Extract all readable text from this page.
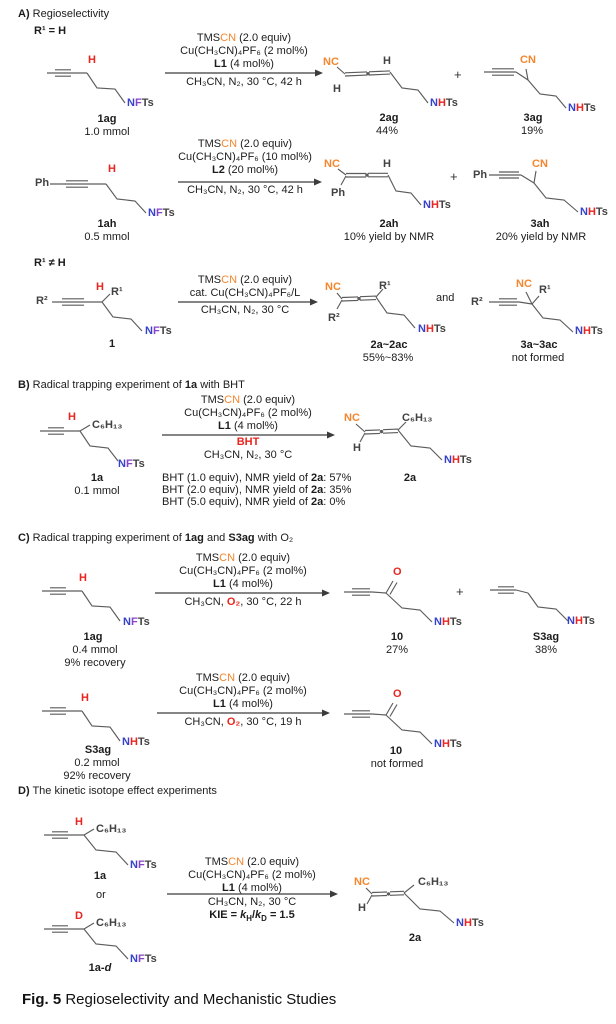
A) Regioselectivity
R¹ = H
H
NFTs
1ag
1.0 mmol
TMSCN (2.0 equiv)
Cu(CH₃CN)₄PF₆ (2 mol%)
L1 (4 mol%)
CH₃CN, N₂, 30 °C, 42 h
NC	H
H
NHTs
2ag
44%
+
CN
NHTs
3ag
19%
Ph
H
NFTs
1ah
0.5 mmol
TMSCN (2.0 equiv)
Cu(CH₃CN)₄PF₆ (10 mol%)
L2 (20 mol%)
CH₃CN, N₂, 30 °C, 42 h
NC	H
Ph
NHTs
2ah
10% yield by NMR
+ Ph
CN
NHTs
3ah
20% yield by NMR
R¹ ≠ H
R²
H R¹
NFTs
1
TMSCN (2.0 equiv)
cat. Cu(CH₃CN)₄PF₆/L
CH₃CN, N₂, 30 °C
NC	R¹
R²
NHTs
2a~2ac
55%~83%
and R²
NC R¹
NHTs
3a~3ac
not formed
B) Radical trapping experiment of 1a with BHT
H
C₆H₁₃
NFTs
1a
0.1 mmol
TMSCN (2.0 equiv)
Cu(CH₃CN)₄PF₆ (2 mol%)
L1 (4 mol%)
BHT
CH₃CN, N₂, 30 °C
BHT (1.0 equiv), NMR yield of 2a: 57%
BHT (2.0 equiv), NMR yield of 2a: 35%
BHT (5.0 equiv), NMR yield of 2a: 0%
NC	C₆H₁₃
H
NHTs
2a
C) Radical trapping experiment of 1ag and S3ag with O₂
H
NFTs
1ag
0.4 mmol
9% recovery
TMSCN (2.0 equiv)
Cu(CH₃CN)₄PF₆ (2 mol%)
L1 (4 mol%)
CH₃CN, O₂, 30 °C, 22 h
O
NHTs
10
27%
+
NHTs
S3ag
38%
H
NHTs
S3ag
0.2 mmol
92% recovery
TMSCN (2.0 equiv)
Cu(CH₃CN)₄PF₆ (2 mol%)
L1 (4 mol%)
CH₃CN, O₂, 30 °C, 19 h
O
NHTs
10
not formed
D) The kinetic isotope effect experiments
H
C₆H₁₃
NFTs
1a
or
D
C₆H₁₃
NFTs
1a-d
TMSCN (2.0 equiv)
Cu(CH₃CN)₄PF₆ (2 mol%)
L1 (4 mol%)
CH₃CN, N₂, 30 °C
KIE = $k_H/k_D = 1.5$
NC	C₆H₁₃
H
NHTs
2a
Fig. 5 Regioselectivity and Mechanistic Studies
